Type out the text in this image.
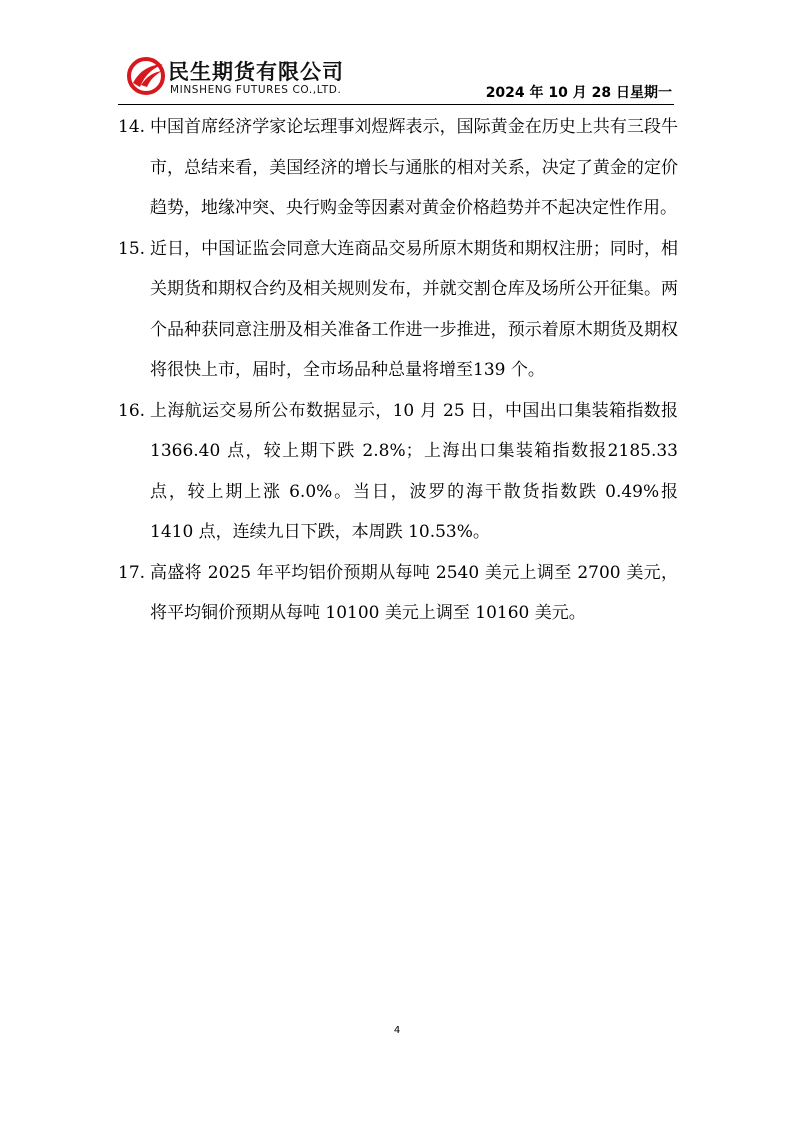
民生期货有限公司
MINSHENG FUTURES CO.,LTD.	2024 年 10 月 28 日星期一
14. 中国首席经济学家论坛理事刘煜辉表示，国际黄金在历史上共有三段牛市，总结来看，美国经济的增长与通胀的相对关系，决定了黄金的定价趋势，地缘冲突、央行购金等因素对黄金价格趋势并不起决定性作用。
15. 近日，中国证监会同意大连商品交易所原木期货和期权注册；同时，相关期货和期权合约及相关规则发布，并就交割仓库及场所公开征集。两个品种获同意注册及相关准备工作进一步推进，预示着原木期货及期权将很快上市，届时，全市场品种总量将增至139 个。
16. 上海航运交易所公布数据显示，10 月 25 日，中国出口集装箱指数报 1366.40 点，较上期下跌 2.8%；上海出口集装箱指数报2185.33 点，较上期上涨 6.0%。当日，波罗的海干散货指数跌 0.49%报 1410 点，连续九日下跌，本周跌 10.53%。
17. 高盛将 2025 年平均铝价预期从每吨 2540 美元上调至 2700 美元，将平均铜价预期从每吨 10100 美元上调至 10160 美元。
4
